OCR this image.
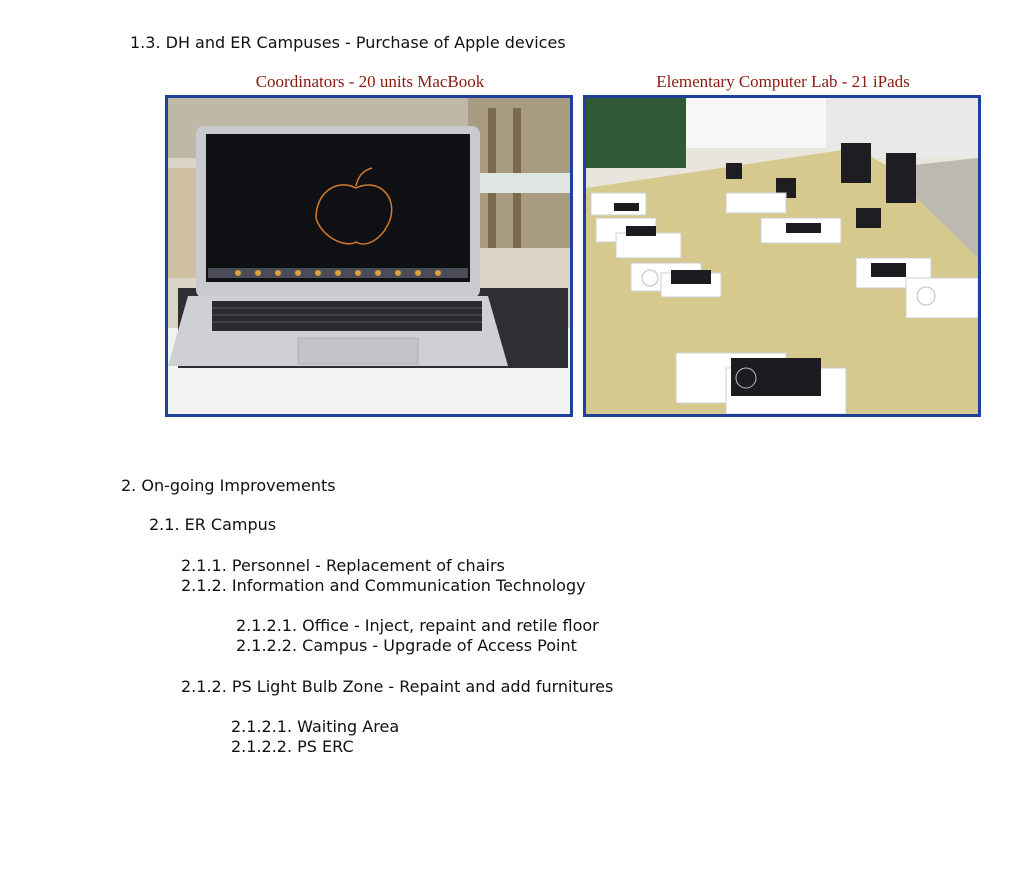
1.3. DH and ER Campuses - Purchase of Apple devices
Coordinators - 20 units MacBook	Elementary Computer Lab - 21 iPads
2. On-going Improvements
2.1. ER Campus
2.1.1. Personnel - Replacement of chairs
2.1.2. Information and Communication Technology
2.1.2.1. Office - Inject, repaint and retile floor
2.1.2.2. Campus - Upgrade of Access Point
2.1.2. PS Light Bulb Zone - Repaint and add furnitures
2.1.2.1. Waiting Area
2.1.2.2. PS ERC
